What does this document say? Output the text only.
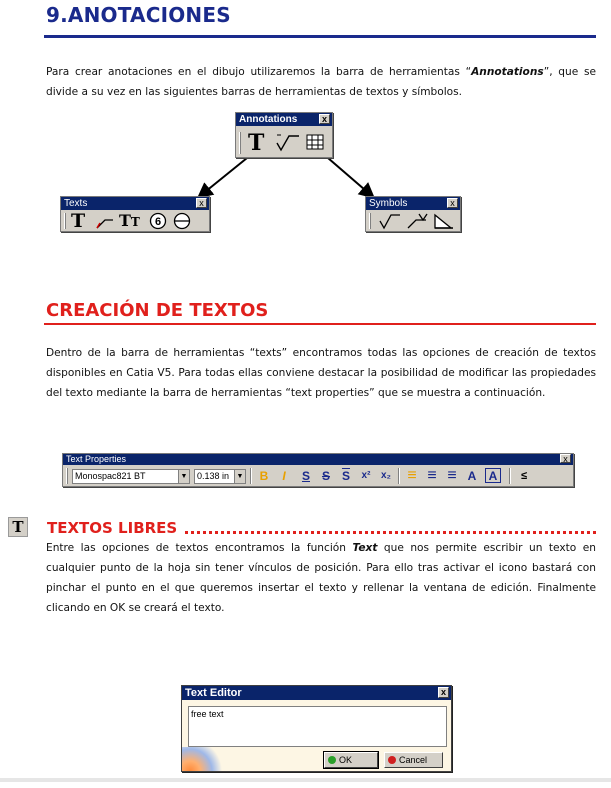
9.ANOTACIONES
Para crear anotaciones en el dibujo utilizaremos la barra de herramientas “Annotations”, que se divide a su vez en las siguientes barras de herramientas de textos y símbolos.
Annotations	x
T
Texts	x
T TT 6
Symbols	x
CREACIÓN DE TEXTOS
Dentro de la barra de herramientas “texts” encontramos todas las opciones de creación de textos disponibles en Catia V5. Para todas ellas conviene destacar la posibilidad de modificar las propiedades del texto mediante la barra de herramientas “text properties” que se muestra a continuación.
Text Properties	x
Monospac821 BT	▼	0.138 in	▼	B	I	S S $\overline{S}$	x²	x₂ ≡ ≡ ≡ A	A	≤
T TEXTOS LIBRES
Entre las opciones de textos encontramos la función Text que nos permite escribir un texto en cualquier punto de la hoja sin tener vínculos de posición. Para ello tras activar el icono bastará con pinchar el punto en el que queremos insertar el texto y rellenar la ventana de edición. Finalmente clicando en OK se creará el texto.
Text Editor	x
free text
OK	Cancel
